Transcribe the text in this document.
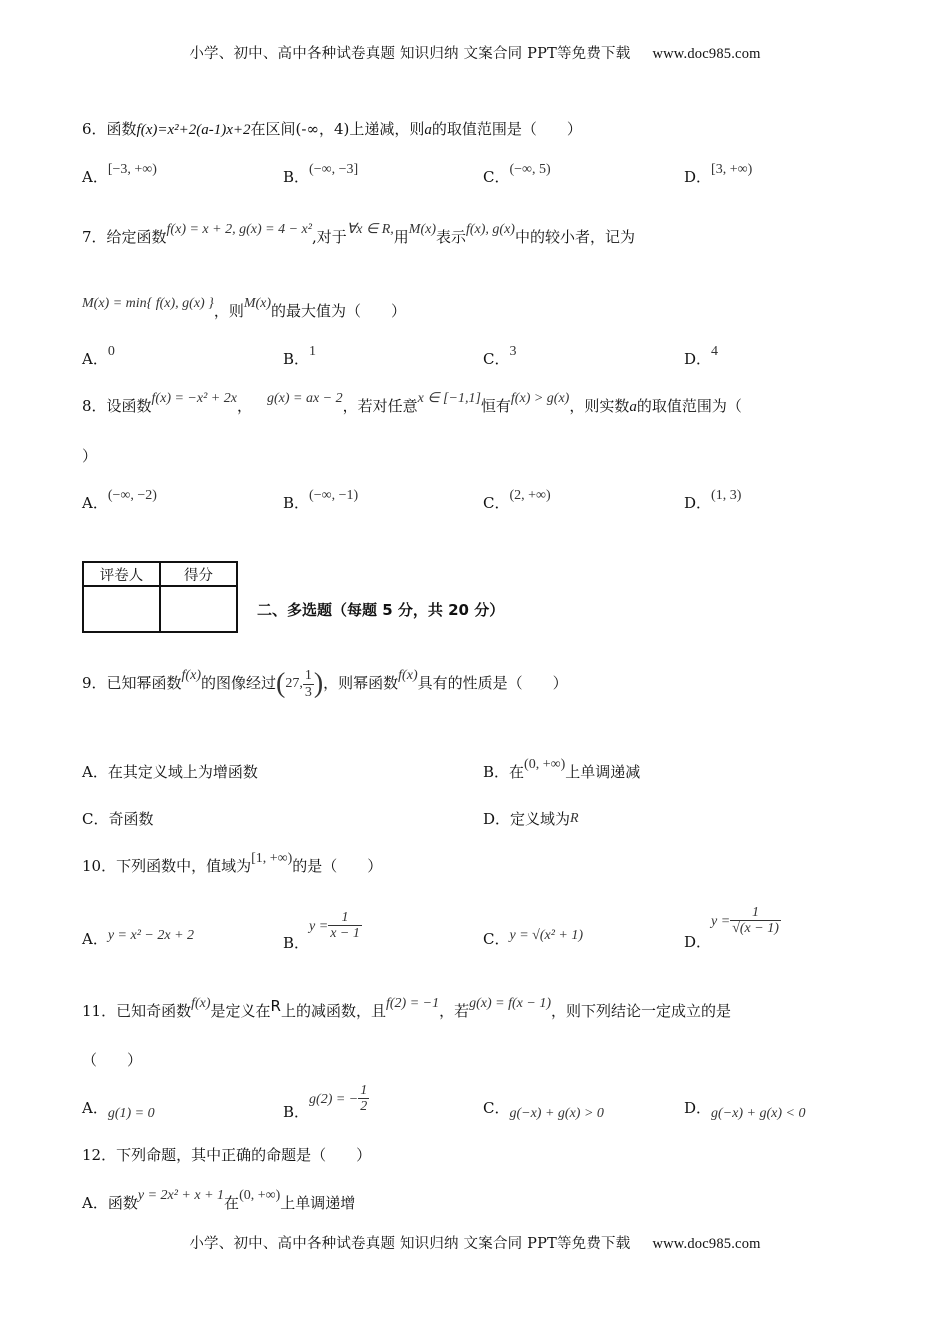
小学、初中、高中各种试卷真题 知识归纳 文案合同 PPT等免费下载 www.doc985.com
6．函数f(x)=x²+2(a-1)x+2在区间(-∞，4)上递减，则a的取值范围是（　　）
A．[−3, +∞)	B．(−∞, −3]	C．(−∞, 5)	D．[3, +∞)
7．给定函数f(x) = x + 2, g(x) = 4 − x²,对于∀x ∈ R,用M(x)表示f(x), g(x)中的较小者，记为
M(x) = min{ f(x), g(x) }，则M(x)的最大值为（　　）
A．0	B．1	C．3	D．4
8．设函数f(x) = −x² + 2x，  g(x) = ax − 2，若对任意x ∈ [−1,1]恒有f(x) > g(x)，则实数a的取值范围为（
）
A．(−∞, −2)	B．(−∞, −1)	C．(2, +∞)	D．(1, 3)
评卷人	得分

二、多选题（每题 5 分，共 20 分）
9．已知幂函数f(x)的图像经过(27, $\frac{1}{3}$ )，则幂函数f(x)具有的性质是（　　）
A．在其定义域上为增函数	B．在(0, +∞)上单调递减
C．奇函数	D．定义域为R
10．下列函数中，值域为[1, +∞)的是（　　）
A．y = x² − 2x + 2	B．$y = \frac{1}{x - 1}$	C．y = √(x² + 1)	D．$y = \frac{1}{√(x - 1)}$
11．已知奇函数f(x)是定义在R上的减函数，且f(2) = −1，若g(x) = f(x − 1)，则下列结论一定成立的是
（　　）
A．g(1) = 0	B．g(2) = − $\frac{1}{2}$	C．g(−x) + g(x) > 0	D．g(−x) + g(x) < 0
12．下列命题，其中正确的命题是（　　）
A．函数y = 2x² + x + 1在(0, +∞)上单调递增
小学、初中、高中各种试卷真题 知识归纳 文案合同 PPT等免费下载 www.doc985.com
